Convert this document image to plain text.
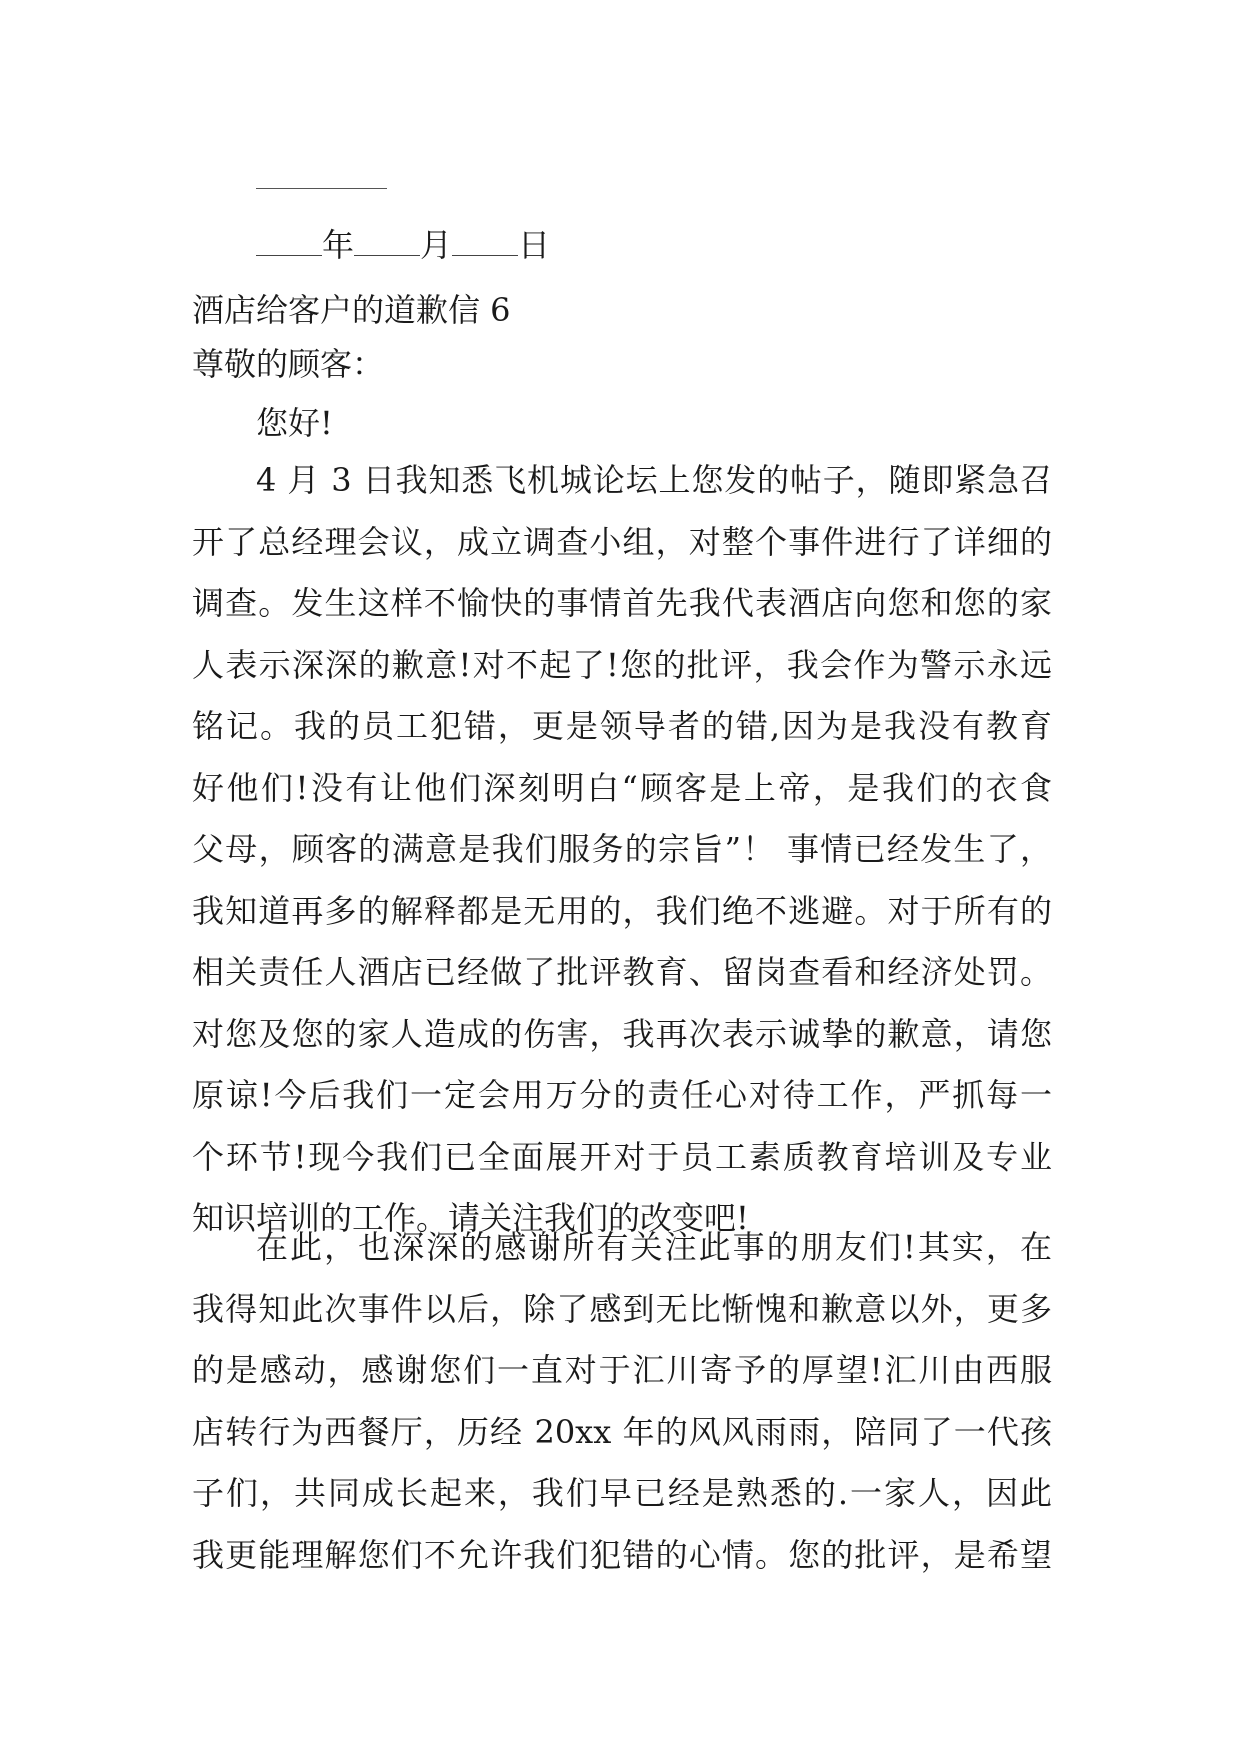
年 月 日
酒店给客户的道歉信 6
尊敬的顾客：
您好!
4 月 3 日我知悉飞机城论坛上您发的帖子，随即紧急召
开了总经理会议，成立调查小组，对整个事件进行了详细的
调查。发生这样不愉快的事情首先我代表酒店向您和您的家
人表示深深的歉意!对不起了!您的批评，我会作为警示永远
铭记。我的员工犯错，更是领导者的错,因为是我没有教育
好他们!没有让他们深刻明白“顾客是上帝，是我们的衣食
父母，顾客的满意是我们服务的宗旨”！ 事情已经发生了，
我知道再多的解释都是无用的，我们绝不逃避。对于所有的
相关责任人酒店已经做了批评教育、留岗查看和经济处罚。
对您及您的家人造成的伤害，我再次表示诚挚的歉意，请您
原谅!今后我们一定会用万分的责任心对待工作，严抓每一
个环节!现今我们已全面展开对于员工素质教育培训及专业
知识培训的工作。请关注我们的改变吧!
在此，也深深的感谢所有关注此事的朋友们!其实，在
我得知此次事件以后，除了感到无比惭愧和歉意以外，更多
的是感动，感谢您们一直对于汇川寄予的厚望!汇川由西服
店转行为西餐厅，历经 20xx 年的风风雨雨，陪同了一代孩
子们，共同成长起来，我们早已经是熟悉的.一家人，因此
我更能理解您们不允许我们犯错的心情。您的批评，是希望
